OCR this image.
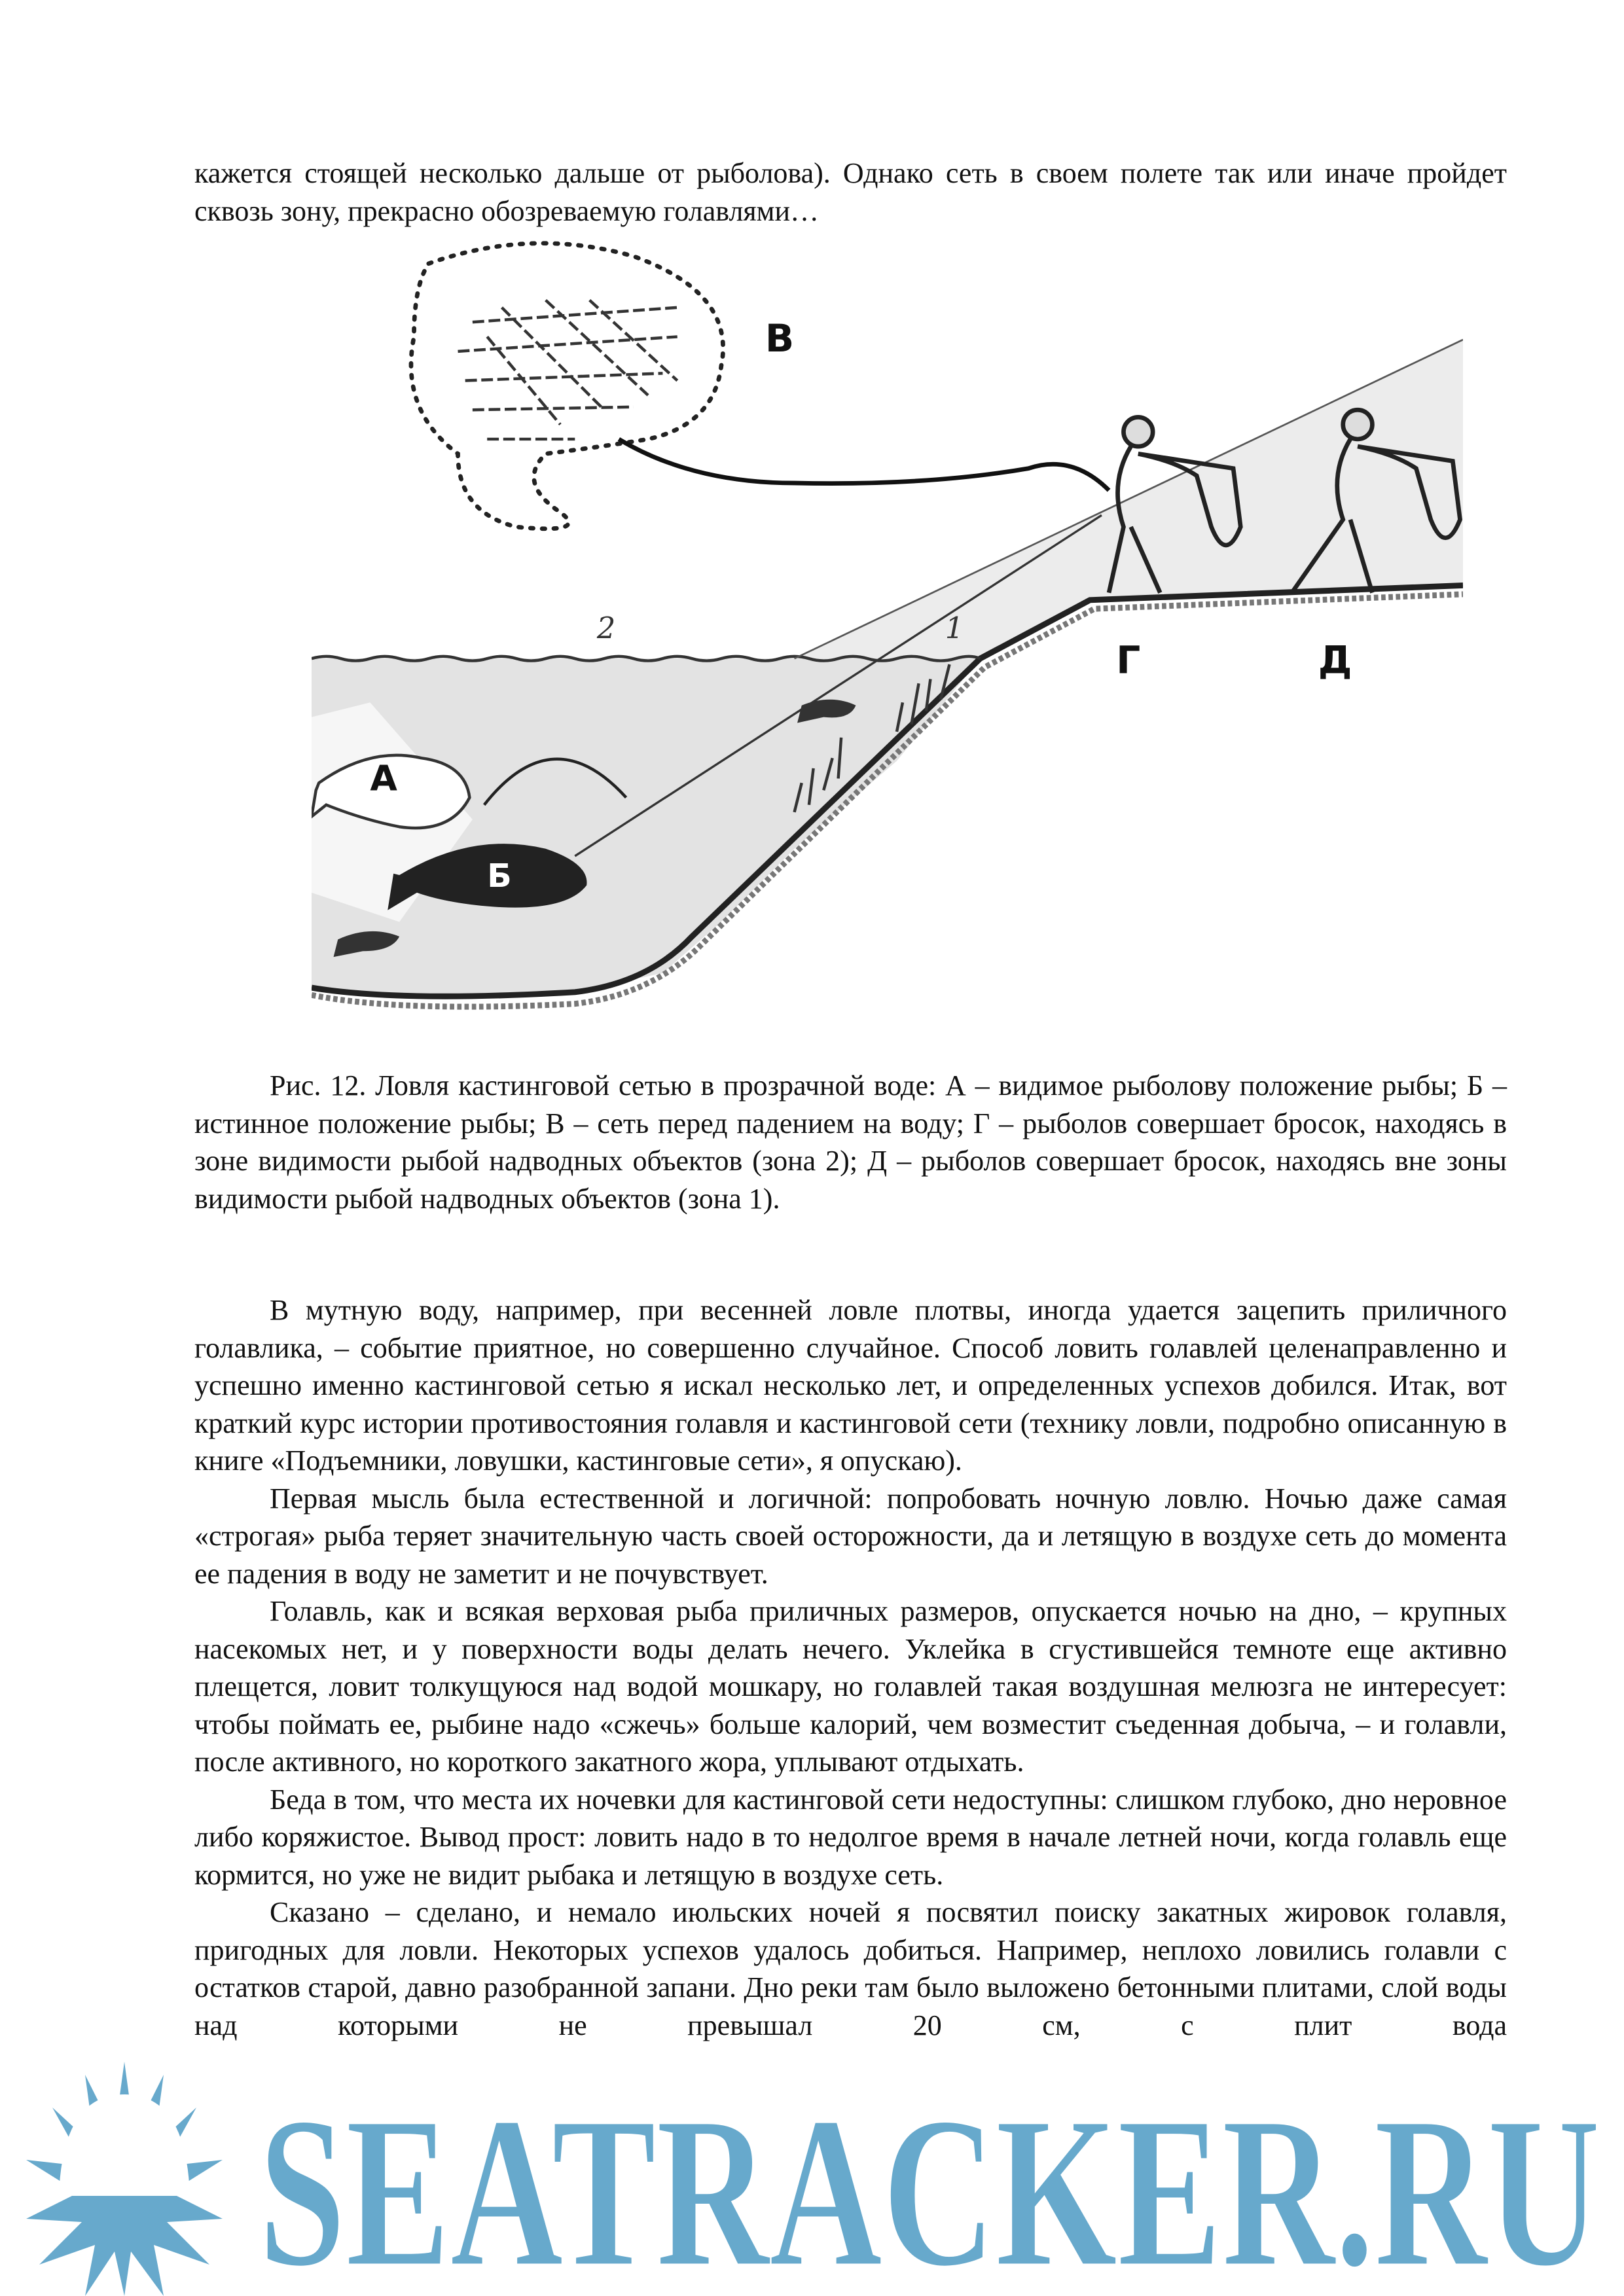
кажется стоящей несколько дальше от рыболова). Однако сеть в своем полете так или иначе пройдет сквозь зону, прекрасно обозреваемую голавлями…

А
Б
В
Г	Д
1
2

Рис. 12. Ловля кастинговой сетью в прозрачной воде: А – видимое рыболову положение рыбы; Б – истинное положение рыбы; В – сеть перед падением на воду; Г – рыболов совершает бросок, находясь в зоне видимости рыбой надводных объектов (зона 2); Д – рыболов совершает бросок, находясь вне зоны видимости рыбой надводных объектов (зона 1).

В мутную воду, например, при весенней ловле плотвы, иногда удается зацепить приличного голавлика, – событие приятное, но совершенно случайное. Способ ловить голавлей целенаправленно и успешно именно кастинговой сетью я искал несколько лет, и определенных успехов добился. Итак, вот краткий курс истории противостояния голавля и кастинговой сети (технику ловли, подробно описанную в книге «Подъемники, ловушки, кастинговые сети», я опускаю).

Первая мысль была естественной и логичной: попробовать ночную ловлю. Ночью даже самая «строгая» рыба теряет значительную часть своей осторожности, да и летящую в воздухе сеть до момента ее падения в воду не заметит и не почувствует.

Голавль, как и всякая верховая рыба приличных размеров, опускается ночью на дно, – крупных насекомых нет, и у поверхности воды делать нечего. Уклейка в сгустившейся темноте еще активно плещется, ловит толкущуюся над водой мошкару, но голавлей такая воздушная мелюзга не интересует: чтобы поймать ее, рыбине надо «сжечь» больше калорий, чем возместит съеденная добыча, – и голавли, после активного, но короткого закатного жора, уплывают отдыхать.

Беда в том, что места их ночевки для кастинговой сети недоступны: слишком глубоко, дно неровное либо коряжистое. Вывод прост: ловить надо в то недолгое время в начале летней ночи, когда голавль еще кормится, но уже не видит рыбака и летящую в воздухе сеть.

Сказано – сделано, и немало июльских ночей я посвятил поиску закатных жировок голавля, пригодных для ловли. Некоторых успехов удалось добиться. Например, неплохо ловились голавли с остатков старой, давно разобранной запани. Дно реки там было выложено бетонными плитами, слой воды над которыми не превышал 20 см, с плит вода

SEATRACKER.RU
